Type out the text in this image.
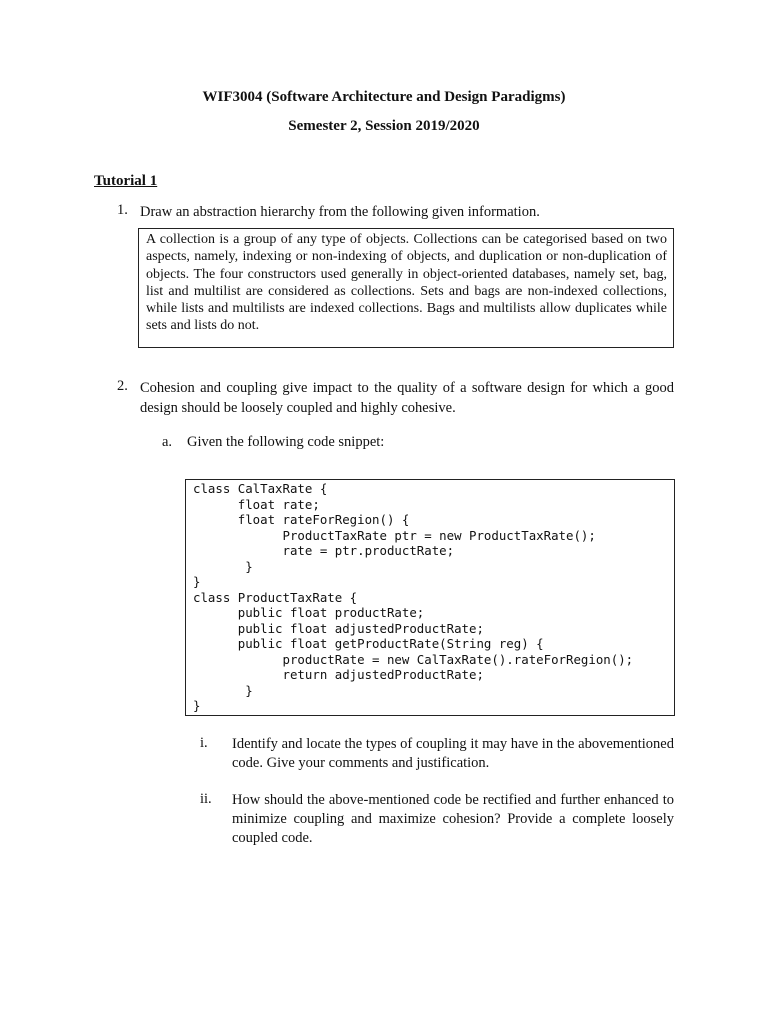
WIF3004 (Software Architecture and Design Paradigms)
Semester 2, Session 2019/2020
Tutorial 1
1. Draw an abstraction hierarchy from the following given information.
A collection is a group of any type of objects. Collections can be categorised based on two aspects, namely, indexing or non-indexing of objects, and duplication or non-duplication of objects. The four constructors used generally in object-oriented databases, namely set, bag, list and multilist are considered as collections. Sets and bags are non-indexed collections, while lists and multilists are indexed collections. Bags and multilists allow duplicates while sets and lists do not.
2. Cohesion and coupling give impact to the quality of a software design for which a good design should be loosely coupled and highly cohesive.
a. Given the following code snippet:
class CalTaxRate {
float rate;
float rateForRegion() {
ProductTaxRate ptr = new ProductTaxRate();
rate = ptr.productRate;
}
}
class ProductTaxRate {
public float productRate;
public float adjustedProductRate;
public float getProductRate(String reg) {
productRate = new CalTaxRate().rateForRegion();
return adjustedProductRate;
}
}
i. Identify and locate the types of coupling it may have in the abovementioned code. Give your comments and justification.
ii. How should the above-mentioned code be rectified and further enhanced to minimize coupling and maximize cohesion? Provide a complete loosely coupled code.
